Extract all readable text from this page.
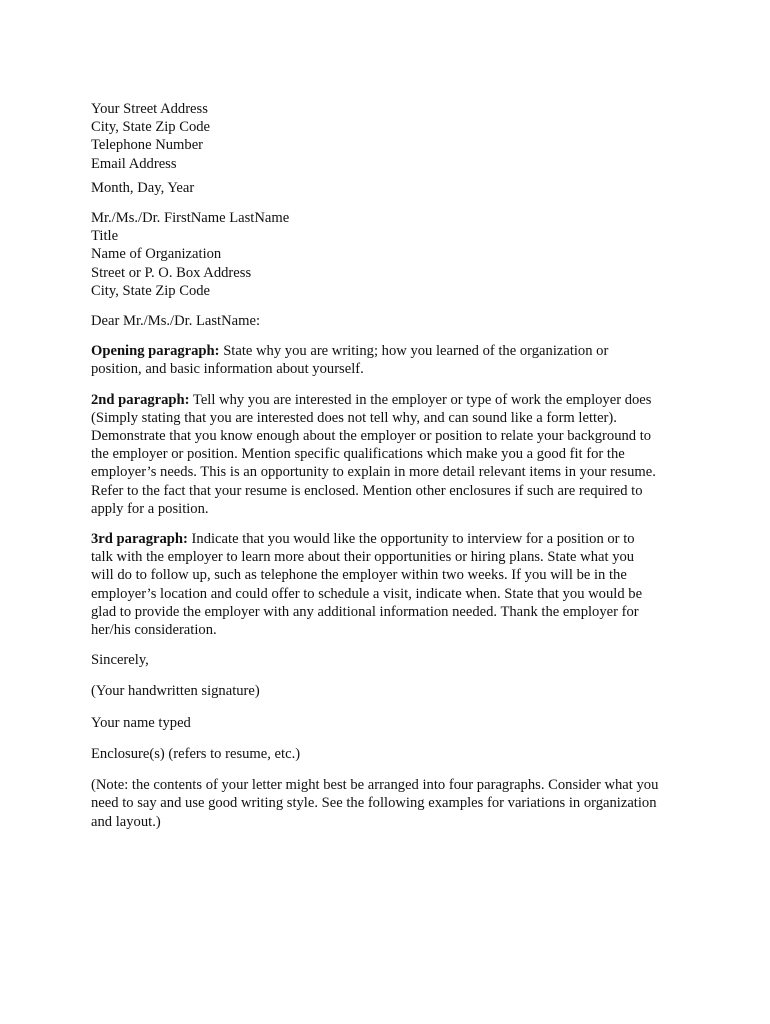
Your Street Address
City, State Zip Code
Telephone Number
Email Address
Month, Day, Year
Mr./Ms./Dr. FirstName LastName
Title
Name of Organization
Street or P. O. Box Address
City, State Zip Code
Dear Mr./Ms./Dr. LastName:
Opening paragraph: State why you are writing; how you learned of the organization or
position, and basic information about yourself.
2nd paragraph: Tell why you are interested in the employer or type of work the employer does
(Simply stating that you are interested does not tell why, and can sound like a form letter).
Demonstrate that you know enough about the employer or position to relate your background to
the employer or position. Mention specific qualifications which make you a good fit for the
employer’s needs. This is an opportunity to explain in more detail relevant items in your resume.
Refer to the fact that your resume is enclosed. Mention other enclosures if such are required to
apply for a position.
3rd paragraph: Indicate that you would like the opportunity to interview for a position or to
talk with the employer to learn more about their opportunities or hiring plans. State what you
will do to follow up, such as telephone the employer within two weeks. If you will be in the
employer’s location and could offer to schedule a visit, indicate when. State that you would be
glad to provide the employer with any additional information needed. Thank the employer for
her/his consideration.
Sincerely,
(Your handwritten signature)
Your name typed
Enclosure(s) (refers to resume, etc.)
(Note: the contents of your letter might best be arranged into four paragraphs. Consider what you
need to say and use good writing style. See the following examples for variations in organization
and layout.)
